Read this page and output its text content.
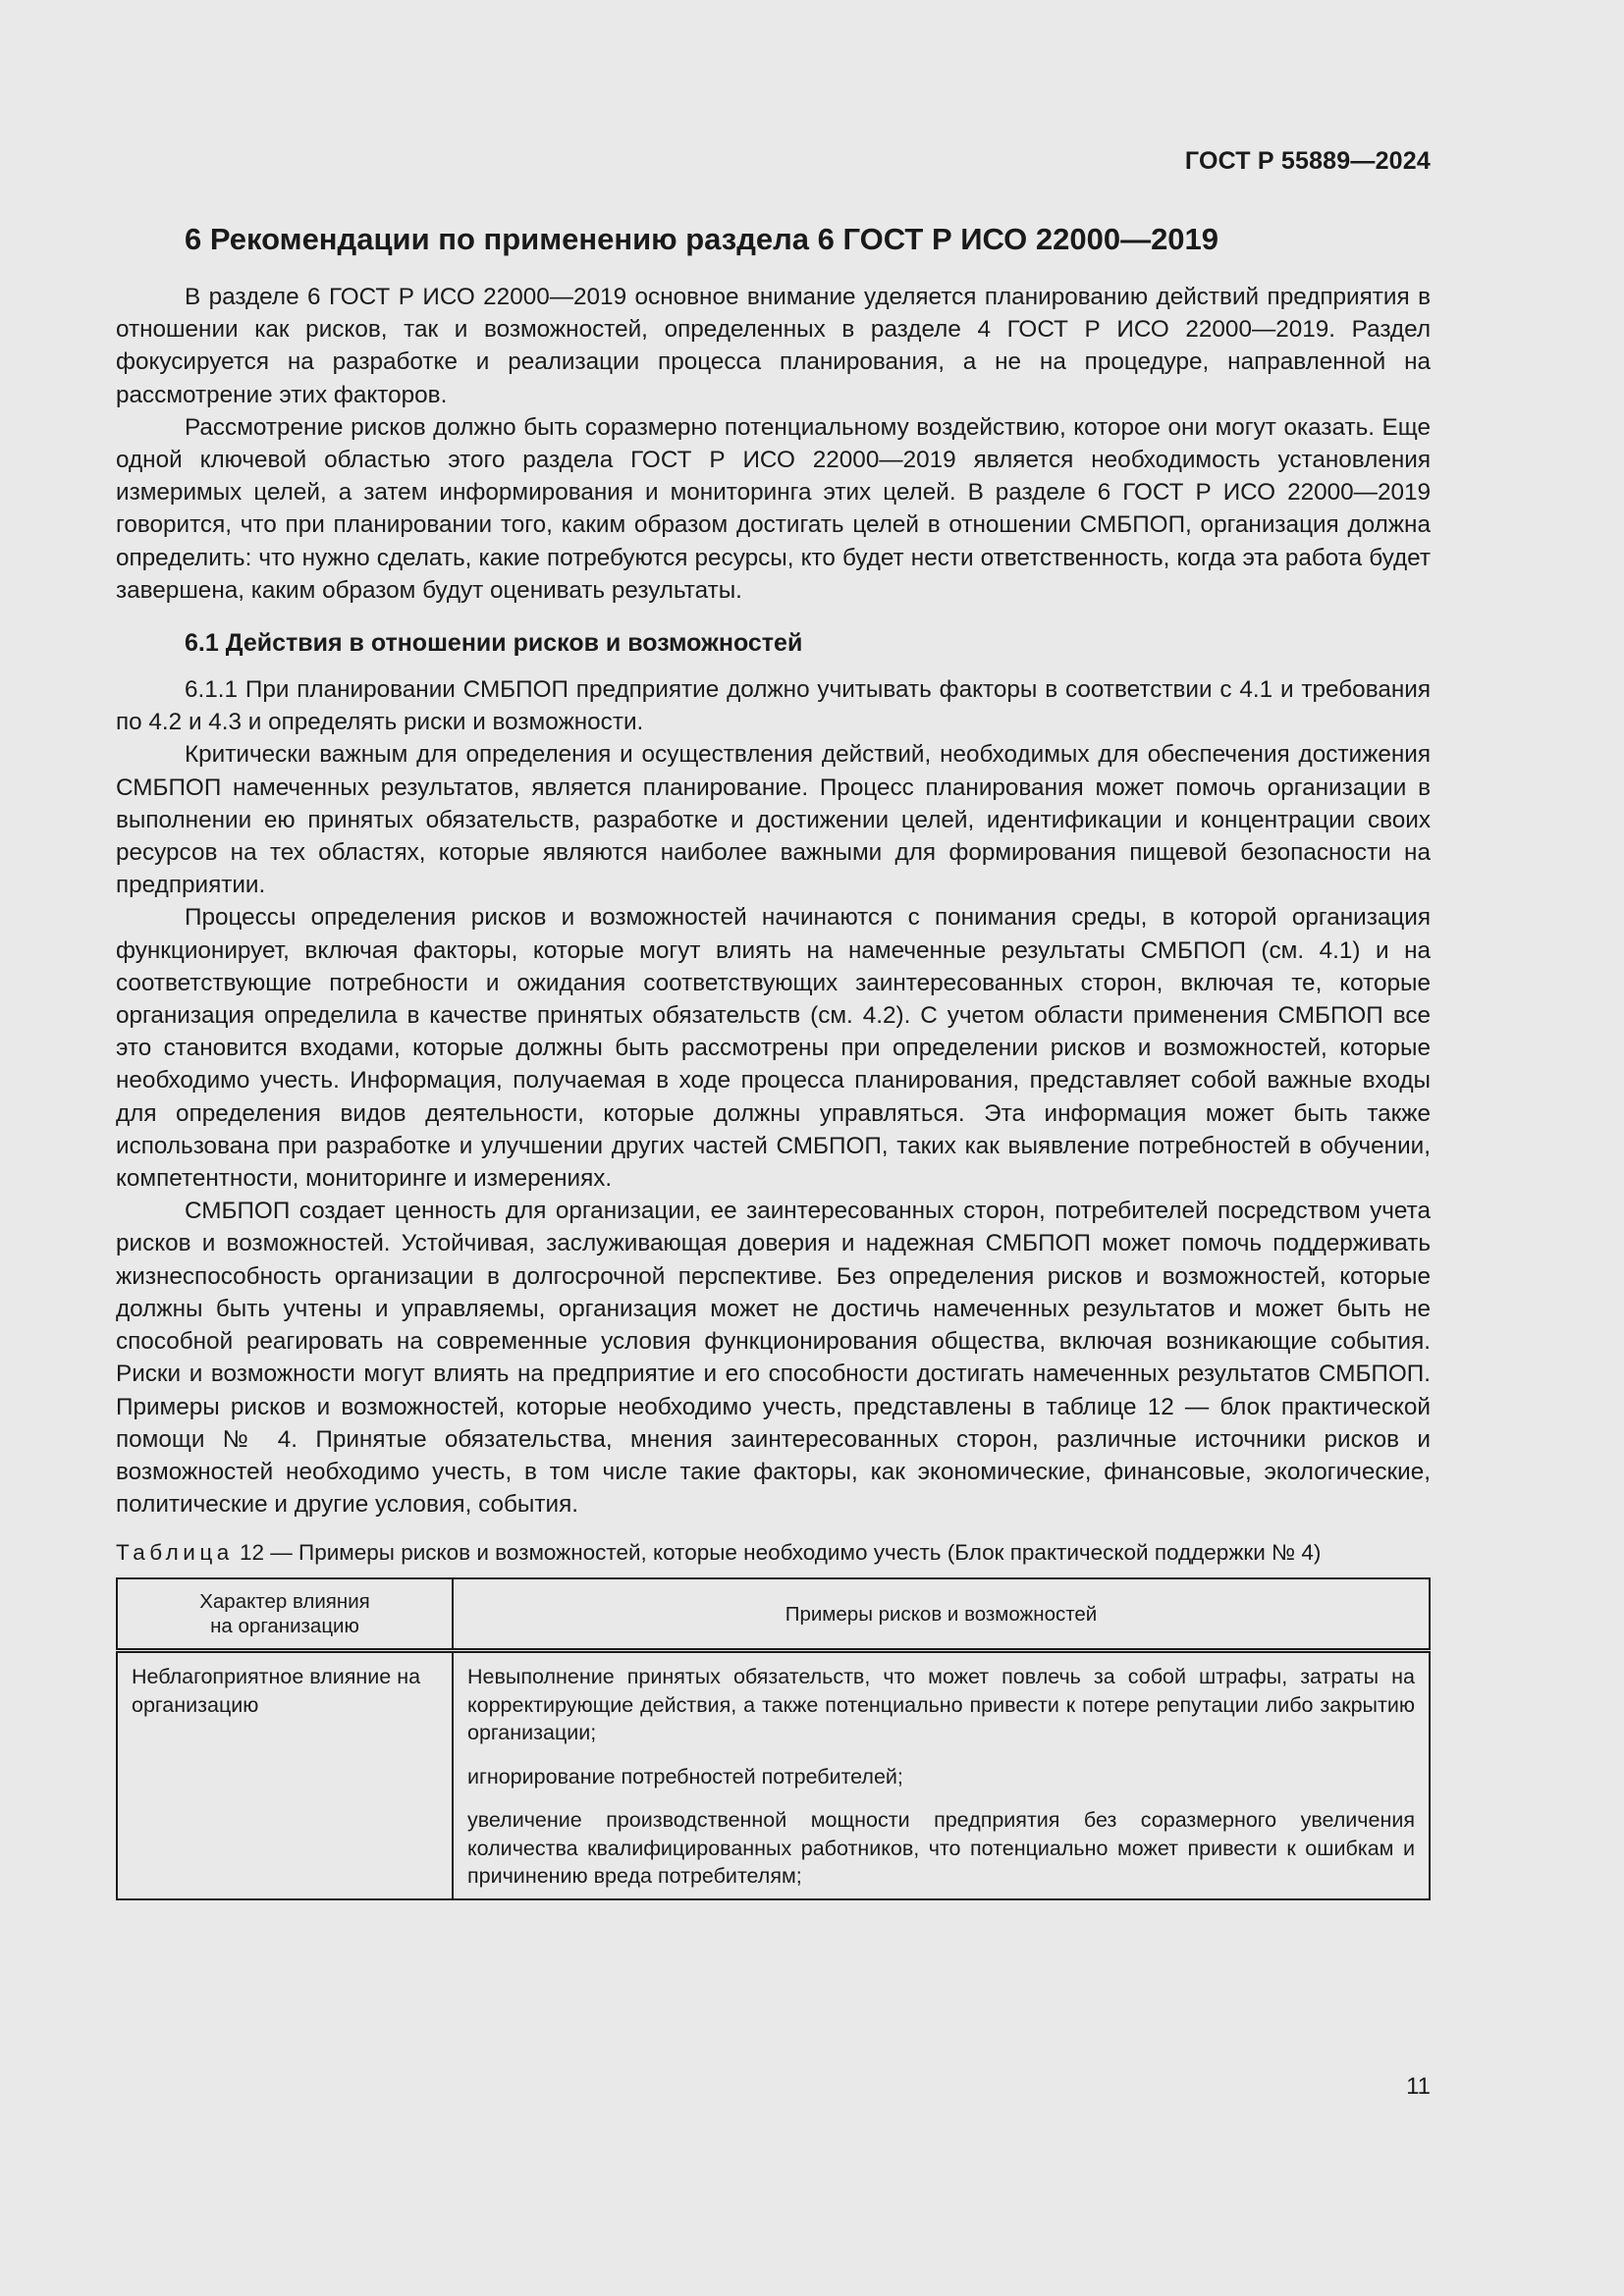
ГОСТ Р 55889—2024
6 Рекомендации по применению раздела 6 ГОСТ Р ИСО 22000—2019

В разделе 6 ГОСТ Р ИСО 22000—2019 основное внимание уделяется планированию действий предприятия в отношении как рисков, так и возможностей, определенных в разделе 4 ГОСТ Р ИСО 22000—2019. Раздел фокусируется на разработке и реализации процесса планирования, а не на процедуре, направленной на рассмотрение этих факторов.

Рассмотрение рисков должно быть соразмерно потенциальному воздействию, которое они могут оказать. Еще одной ключевой областью этого раздела ГОСТ Р ИСО 22000—2019 является необходимость установления измеримых целей, а затем информирования и мониторинга этих целей. В разделе 6 ГОСТ Р ИСО 22000—2019 говорится, что при планировании того, каким образом достигать целей в отношении СМБПОП, организация должна определить: что нужно сделать, какие потребуются ресурсы, кто будет нести ответственность, когда эта работа будет завершена, каким образом будут оценивать результаты.

6.1 Действия в отношении рисков и возможностей

6.1.1 При планировании СМБПОП предприятие должно учитывать факторы в соответствии с 4.1 и требования по 4.2 и 4.3 и определять риски и возможности.

Критически важным для определения и осуществления действий, необходимых для обеспечения достижения СМБПОП намеченных результатов, является планирование. Процесс планирования может помочь организации в выполнении ею принятых обязательств, разработке и достижении целей, идентификации и концентрации своих ресурсов на тех областях, которые являются наиболее важными для формирования пищевой безопасности на предприятии.

Процессы определения рисков и возможностей начинаются с понимания среды, в которой организация функционирует, включая факторы, которые могут влиять на намеченные результаты СМБПОП (см. 4.1) и на соответствующие потребности и ожидания соответствующих заинтересованных сторон, включая те, которые организация определила в качестве принятых обязательств (см. 4.2). С учетом области применения СМБПОП все это становится входами, которые должны быть рассмотрены при определении рисков и возможностей, которые необходимо учесть. Информация, получаемая в ходе процесса планирования, представляет собой важные входы для определения видов деятельности, которые должны управляться. Эта информация может быть также использована при разработке и улучшении других частей СМБПОП, таких как выявление потребностей в обучении, компетентности, мониторинге и измерениях.

СМБПОП создает ценность для организации, ее заинтересованных сторон, потребителей посредством учета рисков и возможностей. Устойчивая, заслуживающая доверия и надежная СМБПОП может помочь поддерживать жизнеспособность организации в долгосрочной перспективе. Без определения рисков и возможностей, которые должны быть учтены и управляемы, организация может не достичь намеченных результатов и может быть не способной реагировать на современные условия функционирования общества, включая возникающие события. Риски и возможности могут влиять на предприятие и его способности достигать намеченных результатов СМБПОП. Примеры рисков и возможностей, которые необходимо учесть, представлены в таблице 12 — блок практической помощи № 4. Принятые обязательства, мнения заинтересованных сторон, различные источники рисков и возможностей необходимо учесть, в том числе такие факторы, как экономические, финансовые, экологические, политические и другие условия, события.

Таблица 12 — Примеры рисков и возможностей, которые необходимо учесть (Блок практической поддержки № 4)
Характер влияния
на организацию	Примеры рисков и возможностей
Неблагоприятное влияние на организацию	Невыполнение принятых обязательств, что может повлечь за собой штрафы, затраты на корректирующие действия, а также потенциально привести к потере репутации либо закрытию организации;
игнорирование потребностей потребителей;
увеличение производственной мощности предприятия без соразмерного увеличения количества квалифицированных работников, что потенциально может привести к ошибкам и причинению вреда потребителям;
11
